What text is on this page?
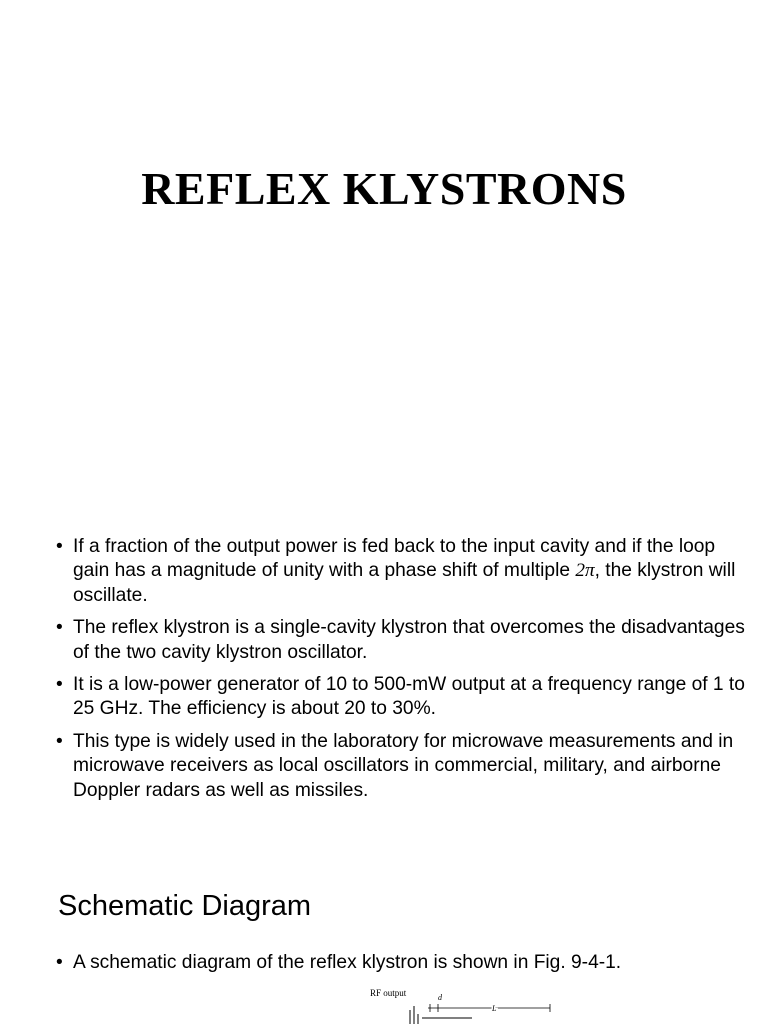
REFLEX KLYSTRONS
• If a fraction of the output power is fed back to the input cavity and if the loop gain has a magnitude of unity with a phase shift of multiple 2π, the klystron will oscillate.
• The reflex klystron is a single-cavity klystron that overcomes the disadvantages of the two cavity klystron oscillator.
• It is a low-power generator of 10 to 500-mW output at a frequency range of 1 to 25 GHz. The efficiency is about 20 to 30%.
• This type is widely used in the laboratory for microwave measurements and in microwave receivers as local oscillators in commercial, military, and airborne Doppler radars as well as missiles.
Schematic Diagram
• A schematic diagram of the reflex klystron is shown in Fig. 9-4-1.
RF output	d
L
